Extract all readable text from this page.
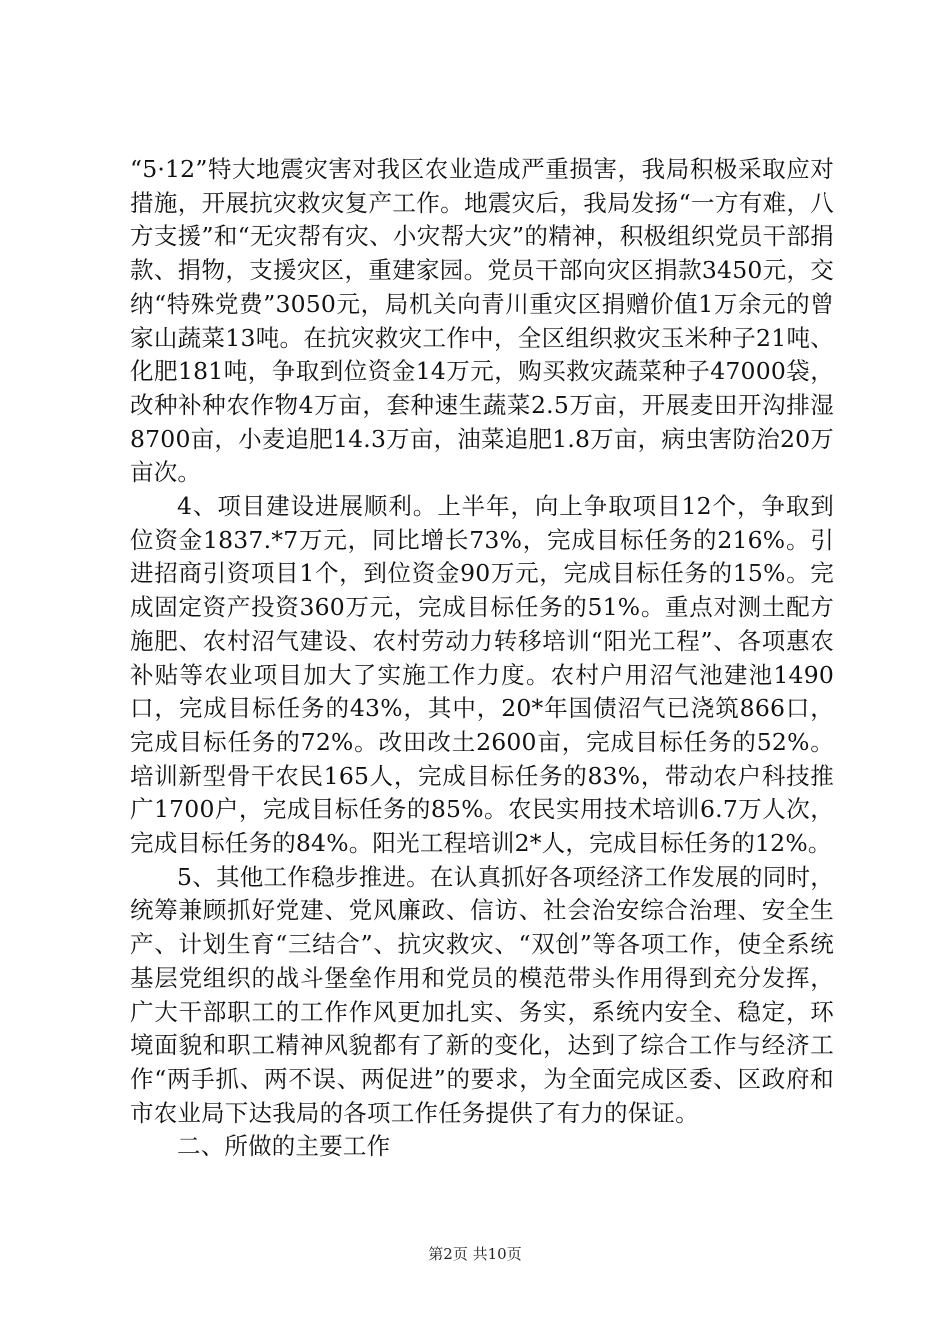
“5·12”特大地震灾害对我区农业造成严重损害，我局积极采取应对措施，开展抗灾救灾复产工作。地震灾后，我局发扬“一方有难，八方支援”和“无灾帮有灾、小灾帮大灾”的精神，积极组织党员干部捐款、捐物，支援灾区，重建家园。党员干部向灾区捐款3450元，交纳“特殊党费”3050元，局机关向青川重灾区捐赠价值1万余元的曾家山蔬菜13吨。在抗灾救灾工作中，全区组织救灾玉米种子21吨、化肥181吨，争取到位资金14万元，购买救灾蔬菜种子47000袋，改种补种农作物4万亩，套种速生蔬菜2.5万亩，开展麦田开沟排湿8700亩，小麦追肥14.3万亩，油菜追肥1.8万亩，病虫害防治20万亩次。

4、项目建设进展顺利。上半年，向上争取项目12个，争取到位资金1837.*7万元，同比增长73%，完成目标任务的216%。引进招商引资项目1个，到位资金90万元，完成目标任务的15%。完成固定资产投资360万元，完成目标任务的51%。重点对测土配方施肥、农村沼气建设、农村劳动力转移培训“阳光工程”、各项惠农补贴等农业项目加大了实施工作力度。农村户用沼气池建池1490口，完成目标任务的43%，其中，20*年国债沼气已浇筑866口，完成目标任务的72%。改田改土2600亩，完成目标任务的52%。培训新型骨干农民165人，完成目标任务的83%，带动农户科技推广1700户，完成目标任务的85%。农民实用技术培训6.7万人次，完成目标任务的84%。阳光工程培训2*人，完成目标任务的12%。

5、其他工作稳步推进。在认真抓好各项经济工作发展的同时，统筹兼顾抓好党建、党风廉政、信访、社会治安综合治理、安全生产、计划生育“三结合”、抗灾救灾、“双创”等各项工作，使全系统基层党组织的战斗堡垒作用和党员的模范带头作用得到充分发挥，广大干部职工的工作作风更加扎实、务实，系统内安全、稳定，环境面貌和职工精神风貌都有了新的变化，达到了综合工作与经济工作“两手抓、两不误、两促进”的要求，为全面完成区委、区政府和市农业局下达我局的各项工作任务提供了有力的保证。

二、所做的主要工作

第2页 共10页
